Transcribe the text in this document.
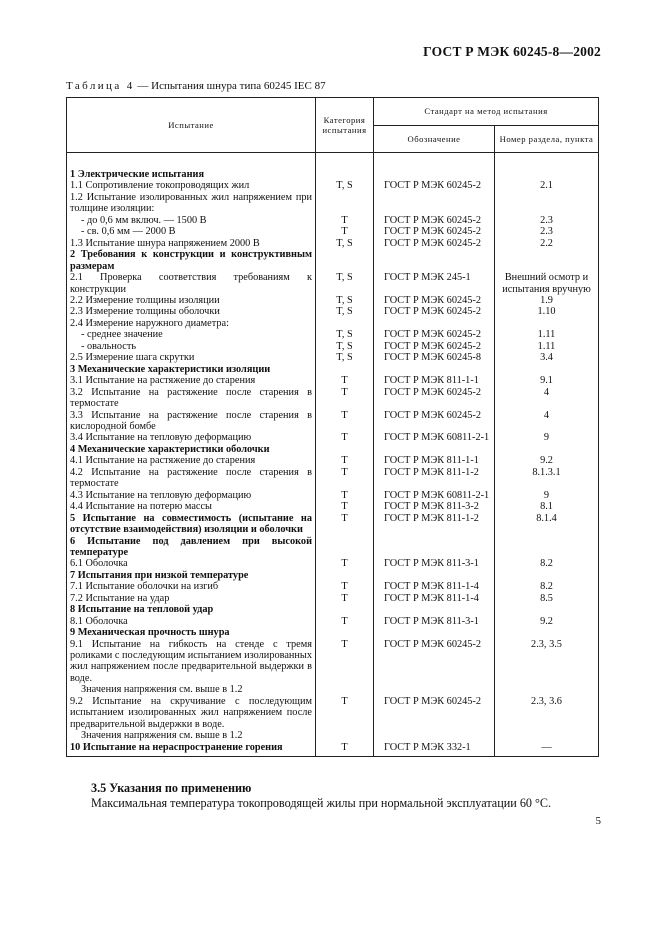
ГОСТ Р МЭК 60245-8—2002
Таблица 4 — Испытания шнура типа 60245 IEC 87
Испытание	Категория испытания	Стандарт на метод испытания	
		Обозначение	Номер раздела, пункта
1 Электрические испытания			
1.1 Сопротивление токопроводящих жил	T, S	ГОСТ Р МЭК 60245-2	2.1
1.2 Испытание изолированных жил напряжением при толщине изоляции:			
- до 0,6 мм включ. — 1500 В	T	ГОСТ Р МЭК 60245-2	2.3
- св. 0,6 мм — 2000 В	T	ГОСТ Р МЭК 60245-2	2.3
1.3 Испытание шнура напряжением 2000 В	T, S	ГОСТ Р МЭК 60245-2	2.2
2 Требования к конструкции и конструктивным размерам			
2.1 Проверка соответствия требованиям к конструкции	T, S	ГОСТ Р МЭК 245-1	Внешний осмотр и испытания вручную
2.2 Измерение толщины изоляции	T, S	ГОСТ Р МЭК 60245-2	1.9
2.3 Измерение толщины оболочки	T, S	ГОСТ Р МЭК 60245-2	1.10
2.4 Измерение наружного диаметра:			
- среднее значение	T, S	ГОСТ Р МЭК 60245-2	1.11
- овальность	T, S	ГОСТ Р МЭК 60245-2	1.11
2.5 Измерение шага скрутки	T, S	ГОСТ Р МЭК 60245-8	3.4
3 Механические характеристики изоляции			
3.1 Испытание на растяжение до старения	T	ГОСТ Р МЭК 811-1-1	9.1
3.2 Испытание на растяжение после старения в термостате	T	ГОСТ Р МЭК 60245-2	4
3.3 Испытание на растяжение после старения в кислородной бомбе	T	ГОСТ Р МЭК 60245-2	4
3.4 Испытание на тепловую деформацию	T	ГОСТ Р МЭК 60811-2-1	9
4 Механические характеристики оболочки			
4.1 Испытание на растяжение до старения	T	ГОСТ Р МЭК 811-1-1	9.2
4.2 Испытание на растяжение после старения в термостате	T	ГОСТ Р МЭК 811-1-2	8.1.3.1
4.3 Испытание на тепловую деформацию	T	ГОСТ Р МЭК 60811-2-1	9
4.4 Испытание на потерю массы	T	ГОСТ Р МЭК 811-3-2	8.1
5 Испытание на совместимость (испытание на отсутствие взаимодействия) изоляции и оболочки	T	ГОСТ Р МЭК 811-1-2	8.1.4
6 Испытание под давлением при высокой температуре			
6.1 Оболочка	T	ГОСТ Р МЭК 811-3-1	8.2
7 Испытания при низкой температуре			
7.1 Испытание оболочки на изгиб	T	ГОСТ Р МЭК 811-1-4	8.2
7.2 Испытание на удар	T	ГОСТ Р МЭК 811-1-4	8.5
8 Испытание на тепловой удар			
8.1 Оболочка	T	ГОСТ Р МЭК 811-3-1	9.2
9 Механическая прочность шнура			
9.1 Испытание на гибкость на стенде с тремя роликами с последующим испытанием изолированных жил напряжением после предварительной выдержки в воде.	T	ГОСТ Р МЭК 60245-2	2.3, 3.5
Значения напряжения см. выше в 1.2			
9.2 Испытание на скручивание с последующим испытанием изолированных жил напряжением после предварительной выдержки в воде.	T	ГОСТ Р МЭК 60245-2	2.3, 3.6
Значения напряжения см. выше в 1.2			
10 Испытание на нераспространение горения	T	ГОСТ Р МЭК 332-1	—
3.5 Указания по применению
Максимальная температура токопроводящей жилы при нормальной эксплуатации 60 °С.
5
